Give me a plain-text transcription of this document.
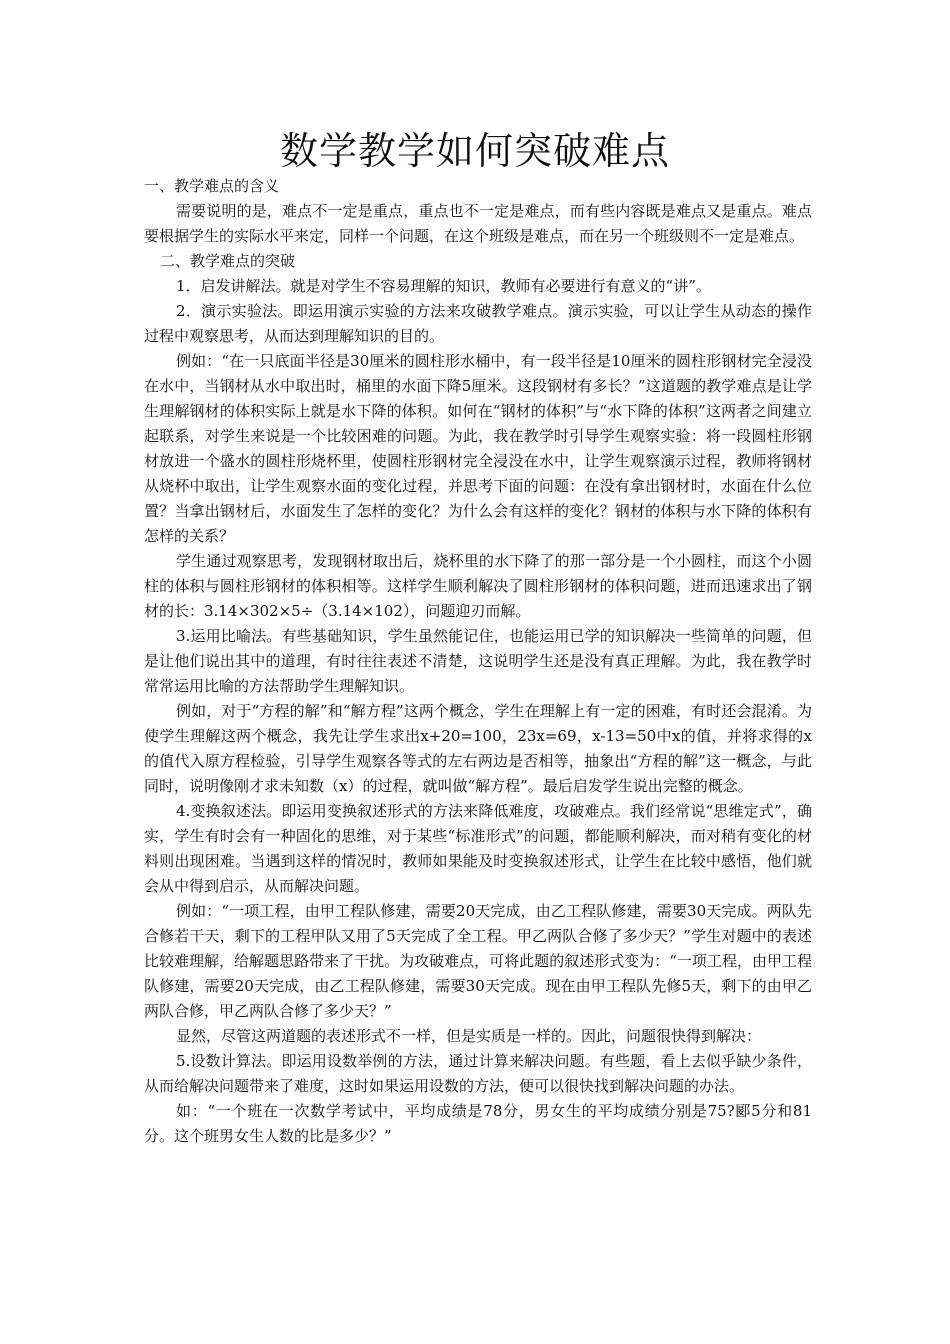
数学教学如何突破难点

一、教学难点的含义

需要说明的是，难点不一定是重点，重点也不一定是难点，而有些内容既是难点又是重点。难点要根据学生的实际水平来定，同样一个问题，在这个班级是难点，而在另一个班级则不一定是难点。

二、教学难点的突破

1．启发讲解法。就是对学生不容易理解的知识，教师有必要进行有意义的“讲”。

2．演示实验法。即运用演示实验的方法来攻破教学难点。演示实验，可以让学生从动态的操作过程中观察思考，从而达到理解知识的目的。

例如：“在一只底面半径是30厘米的圆柱形水桶中，有一段半径是10厘米的圆柱形钢材完全浸没在水中，当钢材从水中取出时，桶里的水面下降5厘米。这段钢材有多长？”这道题的教学难点是让学生理解钢材的体积实际上就是水下降的体积。如何在“钢材的体积”与“水下降的体积”这两者之间建立起联系，对学生来说是一个比较困难的问题。为此，我在教学时引导学生观察实验：将一段圆柱形钢材放进一个盛水的圆柱形烧杯里，使圆柱形钢材完全浸没在水中，让学生观察演示过程，教师将钢材从烧杯中取出，让学生观察水面的变化过程，并思考下面的问题：在没有拿出钢材时，水面在什么位置？当拿出钢材后，水面发生了怎样的变化？为什么会有这样的变化？钢材的体积与水下降的体积有怎样的关系？

学生通过观察思考，发现钢材取出后，烧杯里的水下降了的那一部分是一个小圆柱，而这个小圆柱的体积与圆柱形钢材的体积相等。这样学生顺利解决了圆柱形钢材的体积问题，进而迅速求出了钢材的长：3.14×302×5÷（3.14×102），问题迎刃而解。

3.运用比喻法。有些基础知识，学生虽然能记住，也能运用已学的知识解决一些简单的问题，但是让他们说出其中的道理，有时往往表述不清楚，这说明学生还是没有真正理解。为此，我在教学时常常运用比喻的方法帮助学生理解知识。

例如，对于“方程的解”和“解方程”这两个概念，学生在理解上有一定的困难，有时还会混淆。为使学生理解这两个概念，我先让学生求出x+20=100，23x=69，x-13=50中x的值，并将求得的x的值代入原方程检验，引导学生观察各等式的左右两边是否相等，抽象出“方程的解”这一概念，与此同时，说明像刚才求未知数（x）的过程，就叫做“解方程”。最后启发学生说出完整的概念。

4.变换叙述法。即运用变换叙述形式的方法来降低难度，攻破难点。我们经常说“思维定式”，确实，学生有时会有一种固化的思维，对于某些“标准形式”的问题，都能顺利解决，而对稍有变化的材料则出现困难。当遇到这样的情况时，教师如果能及时变换叙述形式，让学生在比较中感悟，他们就会从中得到启示，从而解决问题。

例如：“一项工程，由甲工程队修建，需要20天完成，由乙工程队修建，需要30天完成。两队先合修若干天，剩下的工程甲队又用了5天完成了全工程。甲乙两队合修了多少天？”学生对题中的表述比较难理解，给解题思路带来了干扰。为攻破难点，可将此题的叙述形式变为：“一项工程，由甲工程队修建，需要20天完成，由乙工程队修建，需要30天完成。现在由甲工程队先修5天，剩下的由甲乙两队合修，甲乙两队合修了多少天？”

显然，尽管这两道题的表述形式不一样，但是实质是一样的。因此，问题很快得到解决：

5.设数计算法。即运用设数举例的方法，通过计算来解决问题。有些题，看上去似乎缺少条件，从而给解决问题带来了难度，这时如果运用设数的方法，便可以很快找到解决问题的办法。

如：“一个班在一次数学考试中，平均成绩是78分，男女生的平均成绩分别是75?郾5分和81分。这个班男女生人数的比是多少？”
